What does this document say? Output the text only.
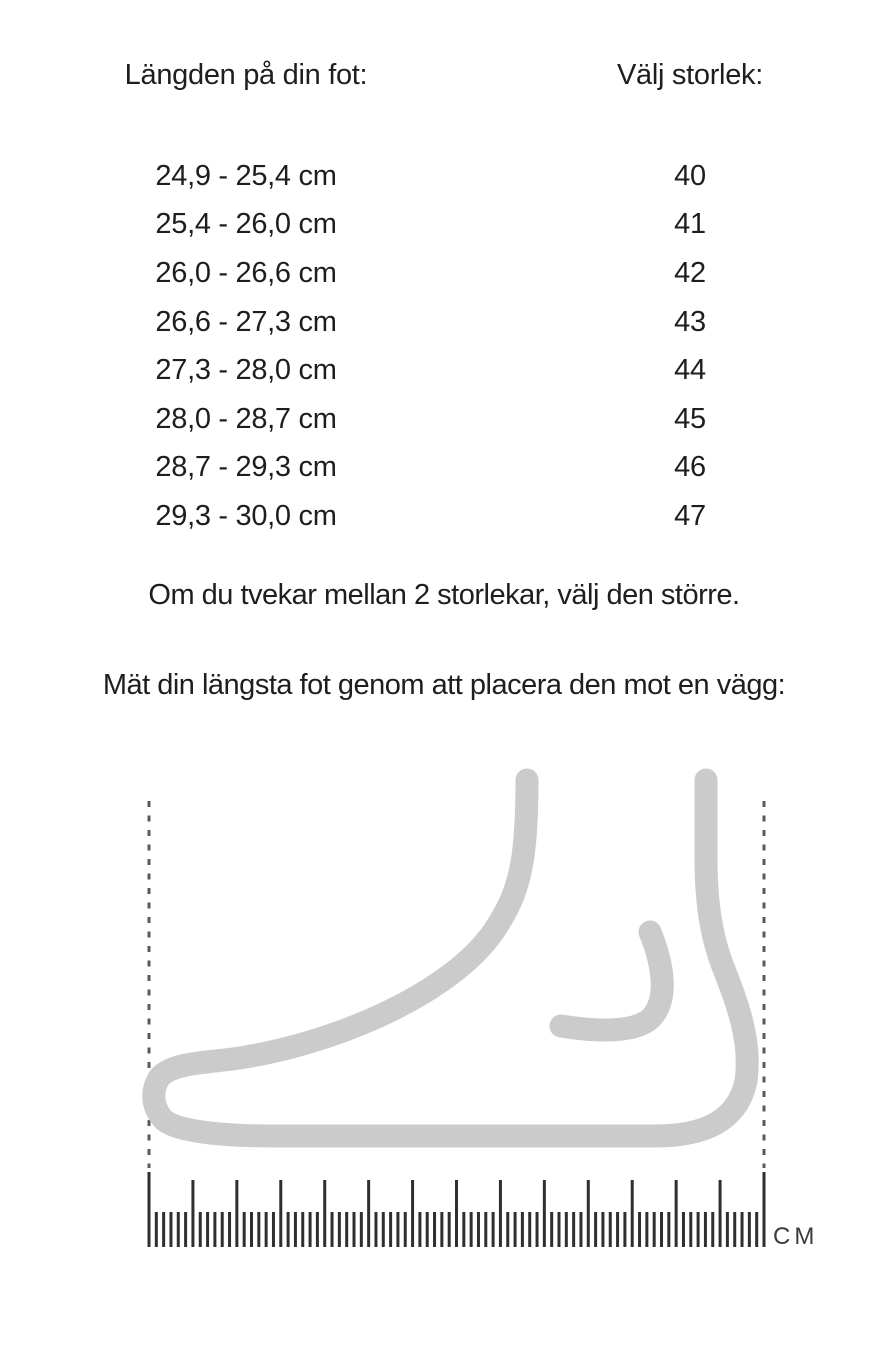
Längden på din fot:	Välj storlek:
24,9 - 25,4 cm	40
25,4 - 26,0 cm	41
26,0 - 26,6 cm	42
26,6 - 27,3 cm	43
27,3 - 28,0 cm	44
28,0 - 28,7 cm	45
28,7 - 29,3 cm	46
29,3 - 30,0 cm	47
Om du tvekar mellan 2 storlekar, välj den större.
Mät din längsta fot genom att placera den mot en vägg:
CM
